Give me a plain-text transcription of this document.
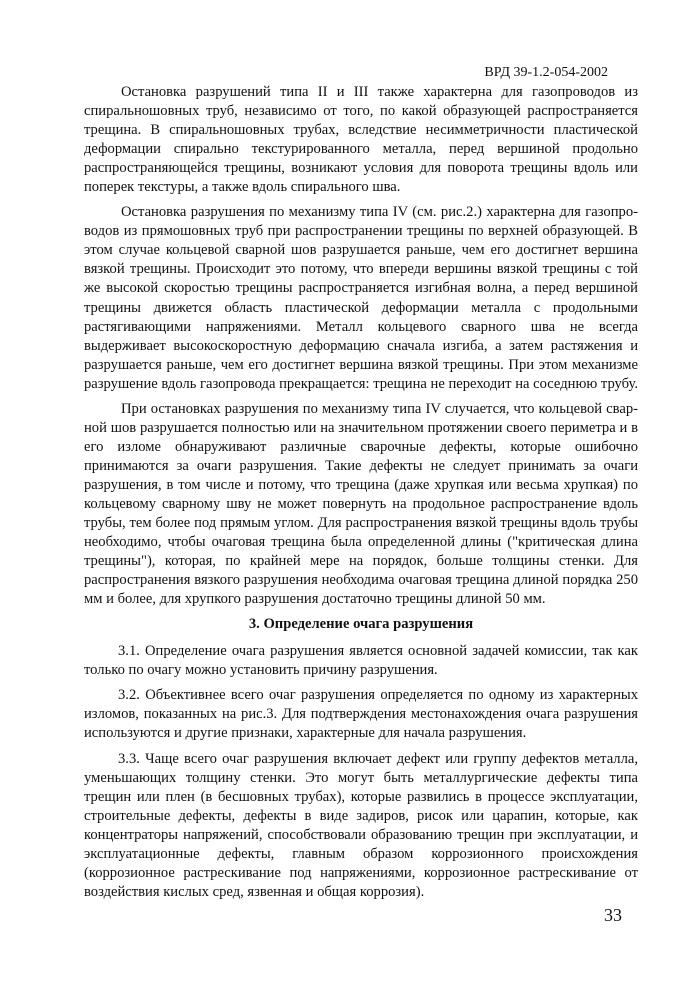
ВРД 39-1.2-054-2002

Остановка разрушений типа II и III также характерна для газопроводов из спиральношовных труб, независимо от того, по какой образующей распространяется трещина. В спиральношовных трубах, вследствие несимметричности пластической деформации спирально текстурированного металла, перед вершиной продольно распространяющейся трещины, возникают условия для поворота трещины вдоль или поперек текстуры, а также вдоль спирального шва.

Остановка разрушения по механизму типа IV (см. рис.2.) характерна для газопроводов из прямошовных труб при распространении трещины по верхней образующей. В этом случае кольцевой сварной шов разрушается раньше, чем его достигнет вершина вязкой трещины. Происходит это потому, что впереди вершины вязкой трещины с той же высокой скоростью трещины распространяется изгибная волна, а перед вершиной трещины движется область пластической деформации металла с продольными растягивающими напряжениями. Металл кольцевого сварного шва не всегда выдерживает высокоскоростную деформацию сначала изгиба, а затем растяжения и разрушается раньше, чем его достигнет вершина вязкой трещины. При этом механизме разрушение вдоль газопровода прекращается: трещина не переходит на соседнюю трубу.

При остановках разрушения по механизму типа IV случается, что кольцевой сварной шов разрушается полностью или на значительном протяжении своего периметра и в его изломе обнаруживают различные сварочные дефекты, которые ошибочно принимаются за очаги разрушения. Такие дефекты не следует принимать за очаги разрушения, в том числе и потому, что трещина (даже хрупкая или весьма хрупкая) по кольцевому сварному шву не может повернуть на продольное распространение вдоль трубы, тем более под прямым углом. Для распространения вязкой трещины вдоль трубы необходимо, чтобы очаговая трещина была определенной длины ("критическая длина трещины"), которая, по крайней мере на порядок, больше толщины стенки. Для распространения вязкого разрушения необходима очаговая трещина длиной порядка 250 мм и более, для хрупкого разрушения достаточно трещины длиной 50 мм.

3. Определение очага разрушения

3.1. Определение очага разрушения является основной задачей комиссии, так как только по очагу можно установить причину разрушения.

3.2. Объективнее всего очаг разрушения определяется по одному из характерных изломов, показанных на рис.3. Для подтверждения местонахождения очага разрушения используются и другие признаки, характерные для начала разрушения.

3.3. Чаще всего очаг разрушения включает дефект или группу дефектов металла, уменьшающих толщину стенки. Это могут быть металлургические дефекты типа трещин или плен (в бесшовных трубах), которые развились в процессе эксплуатации, строительные дефекты, дефекты в виде задиров, рисок или царапин, которые, как концентраторы напряжений, способствовали образованию трещин при эксплуатации, и эксплуатационные дефекты, главным образом коррозионного происхождения (коррозионное растрескивание под напряжениями, коррозионное растрескивание от воздействия кислых сред, язвенная и общая коррозия).

33
